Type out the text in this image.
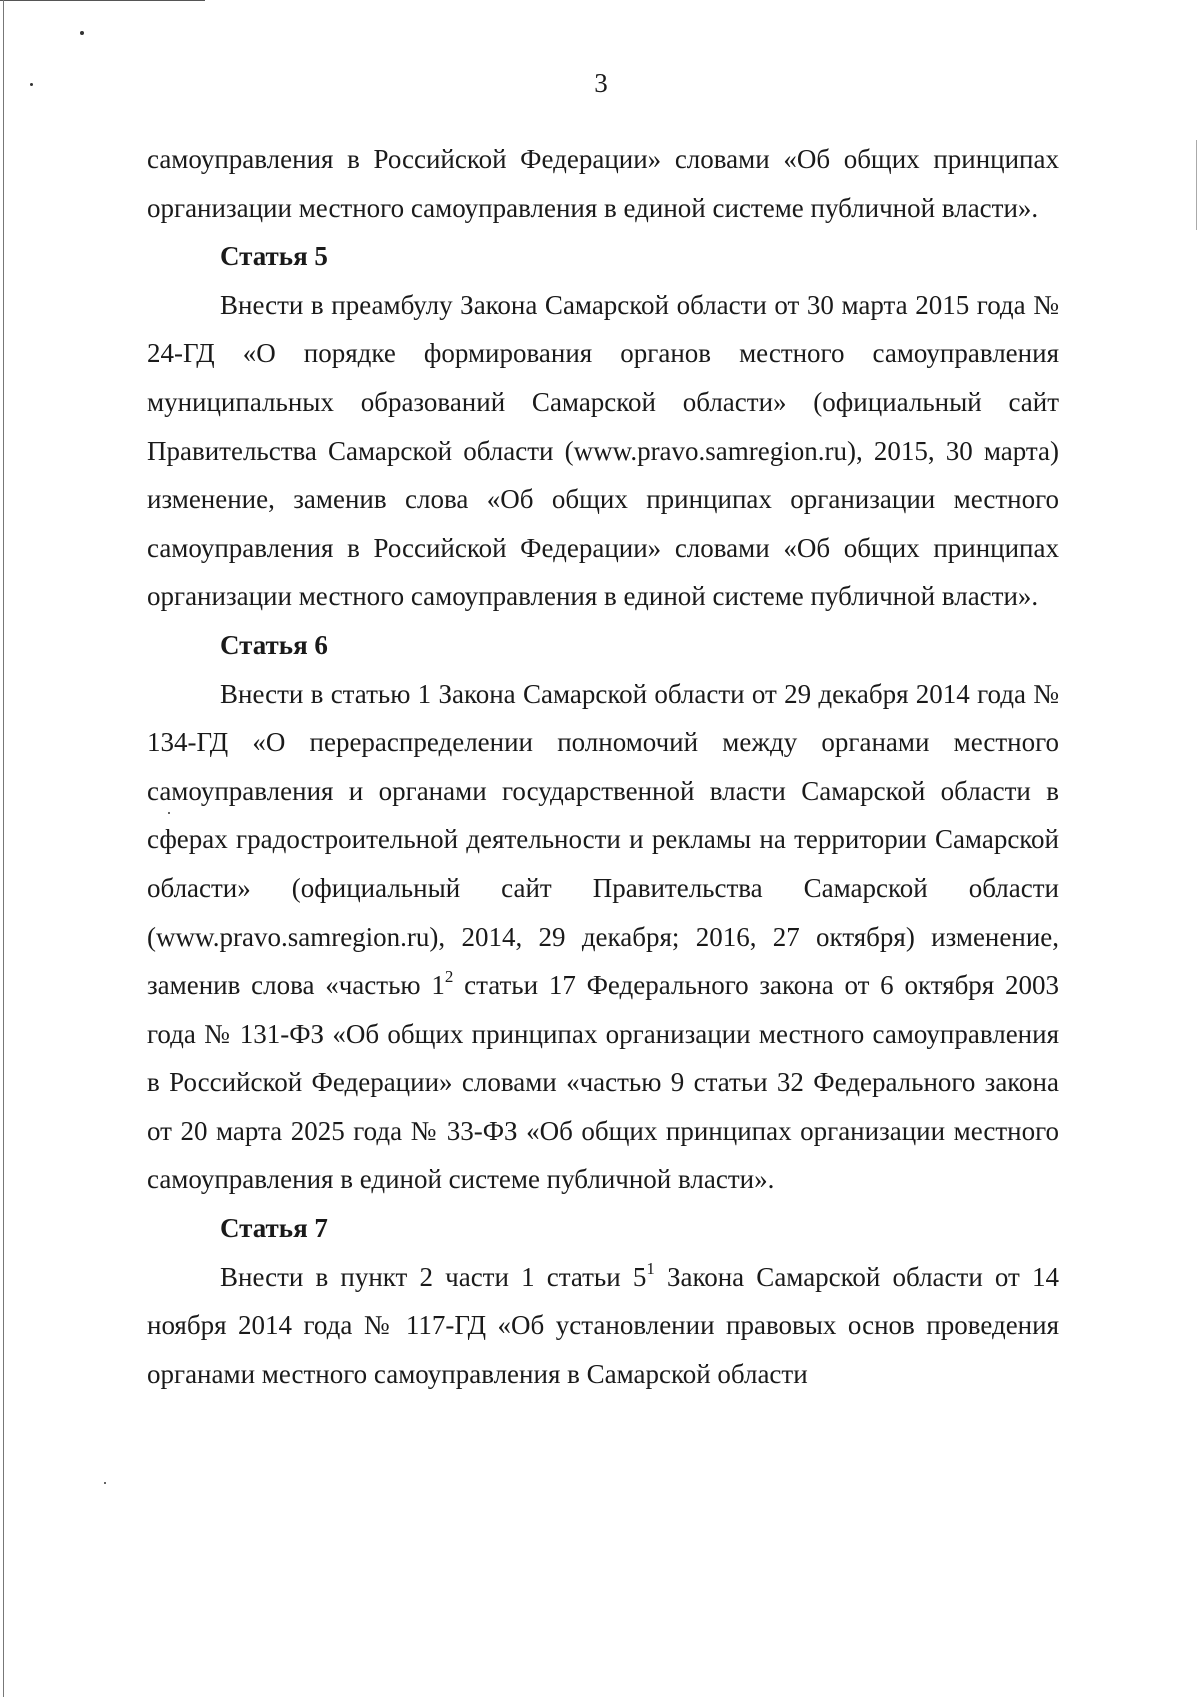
3

самоуправления в Российской Федерации» словами «Об общих принципах организации местного самоуправления в единой системе публичной власти».

Статья 5

Внести в преамбулу Закона Самарской области от 30 марта 2015 года № 24-ГД «О порядке формирования органов местного самоуправления муниципальных образований Самарской области» (официальный сайт Правительства Самарской области (www.pravo.samregion.ru), 2015, 30 марта) изменение, заменив слова «Об общих принципах организации местного самоуправления в Российской Федерации» словами «Об общих принципах организации местного самоуправления в единой системе публичной власти».

Статья 6

Внести в статью 1 Закона Самарской области от 29 декабря 2014 года № 134-ГД «О перераспределении полномочий между органами местного самоуправления и органами государственной власти Самарской области в сферах градостроительной деятельности и рекламы на территории Самарской области» (официальный сайт Правительства Самарской области (www.pravo.samregion.ru), 2014, 29 декабря; 2016, 27 октября) изменение, заменив слова «частью $1^2$ статьи 17 Федерального закона от 6 октября 2003 года № 131-ФЗ «Об общих принципах организации местного самоуправления в Российской Федерации» словами «частью 9 статьи 32 Федерального закона от 20 марта 2025 года № 33-ФЗ «Об общих принципах организации местного самоуправления в единой системе публичной власти».

Статья 7

Внести в пункт 2 части 1 статьи $5^1$ Закона Самарской области от 14 ноября 2014 года № 117-ГД «Об установлении правовых основ проведения органами местного самоуправления в Самарской области
